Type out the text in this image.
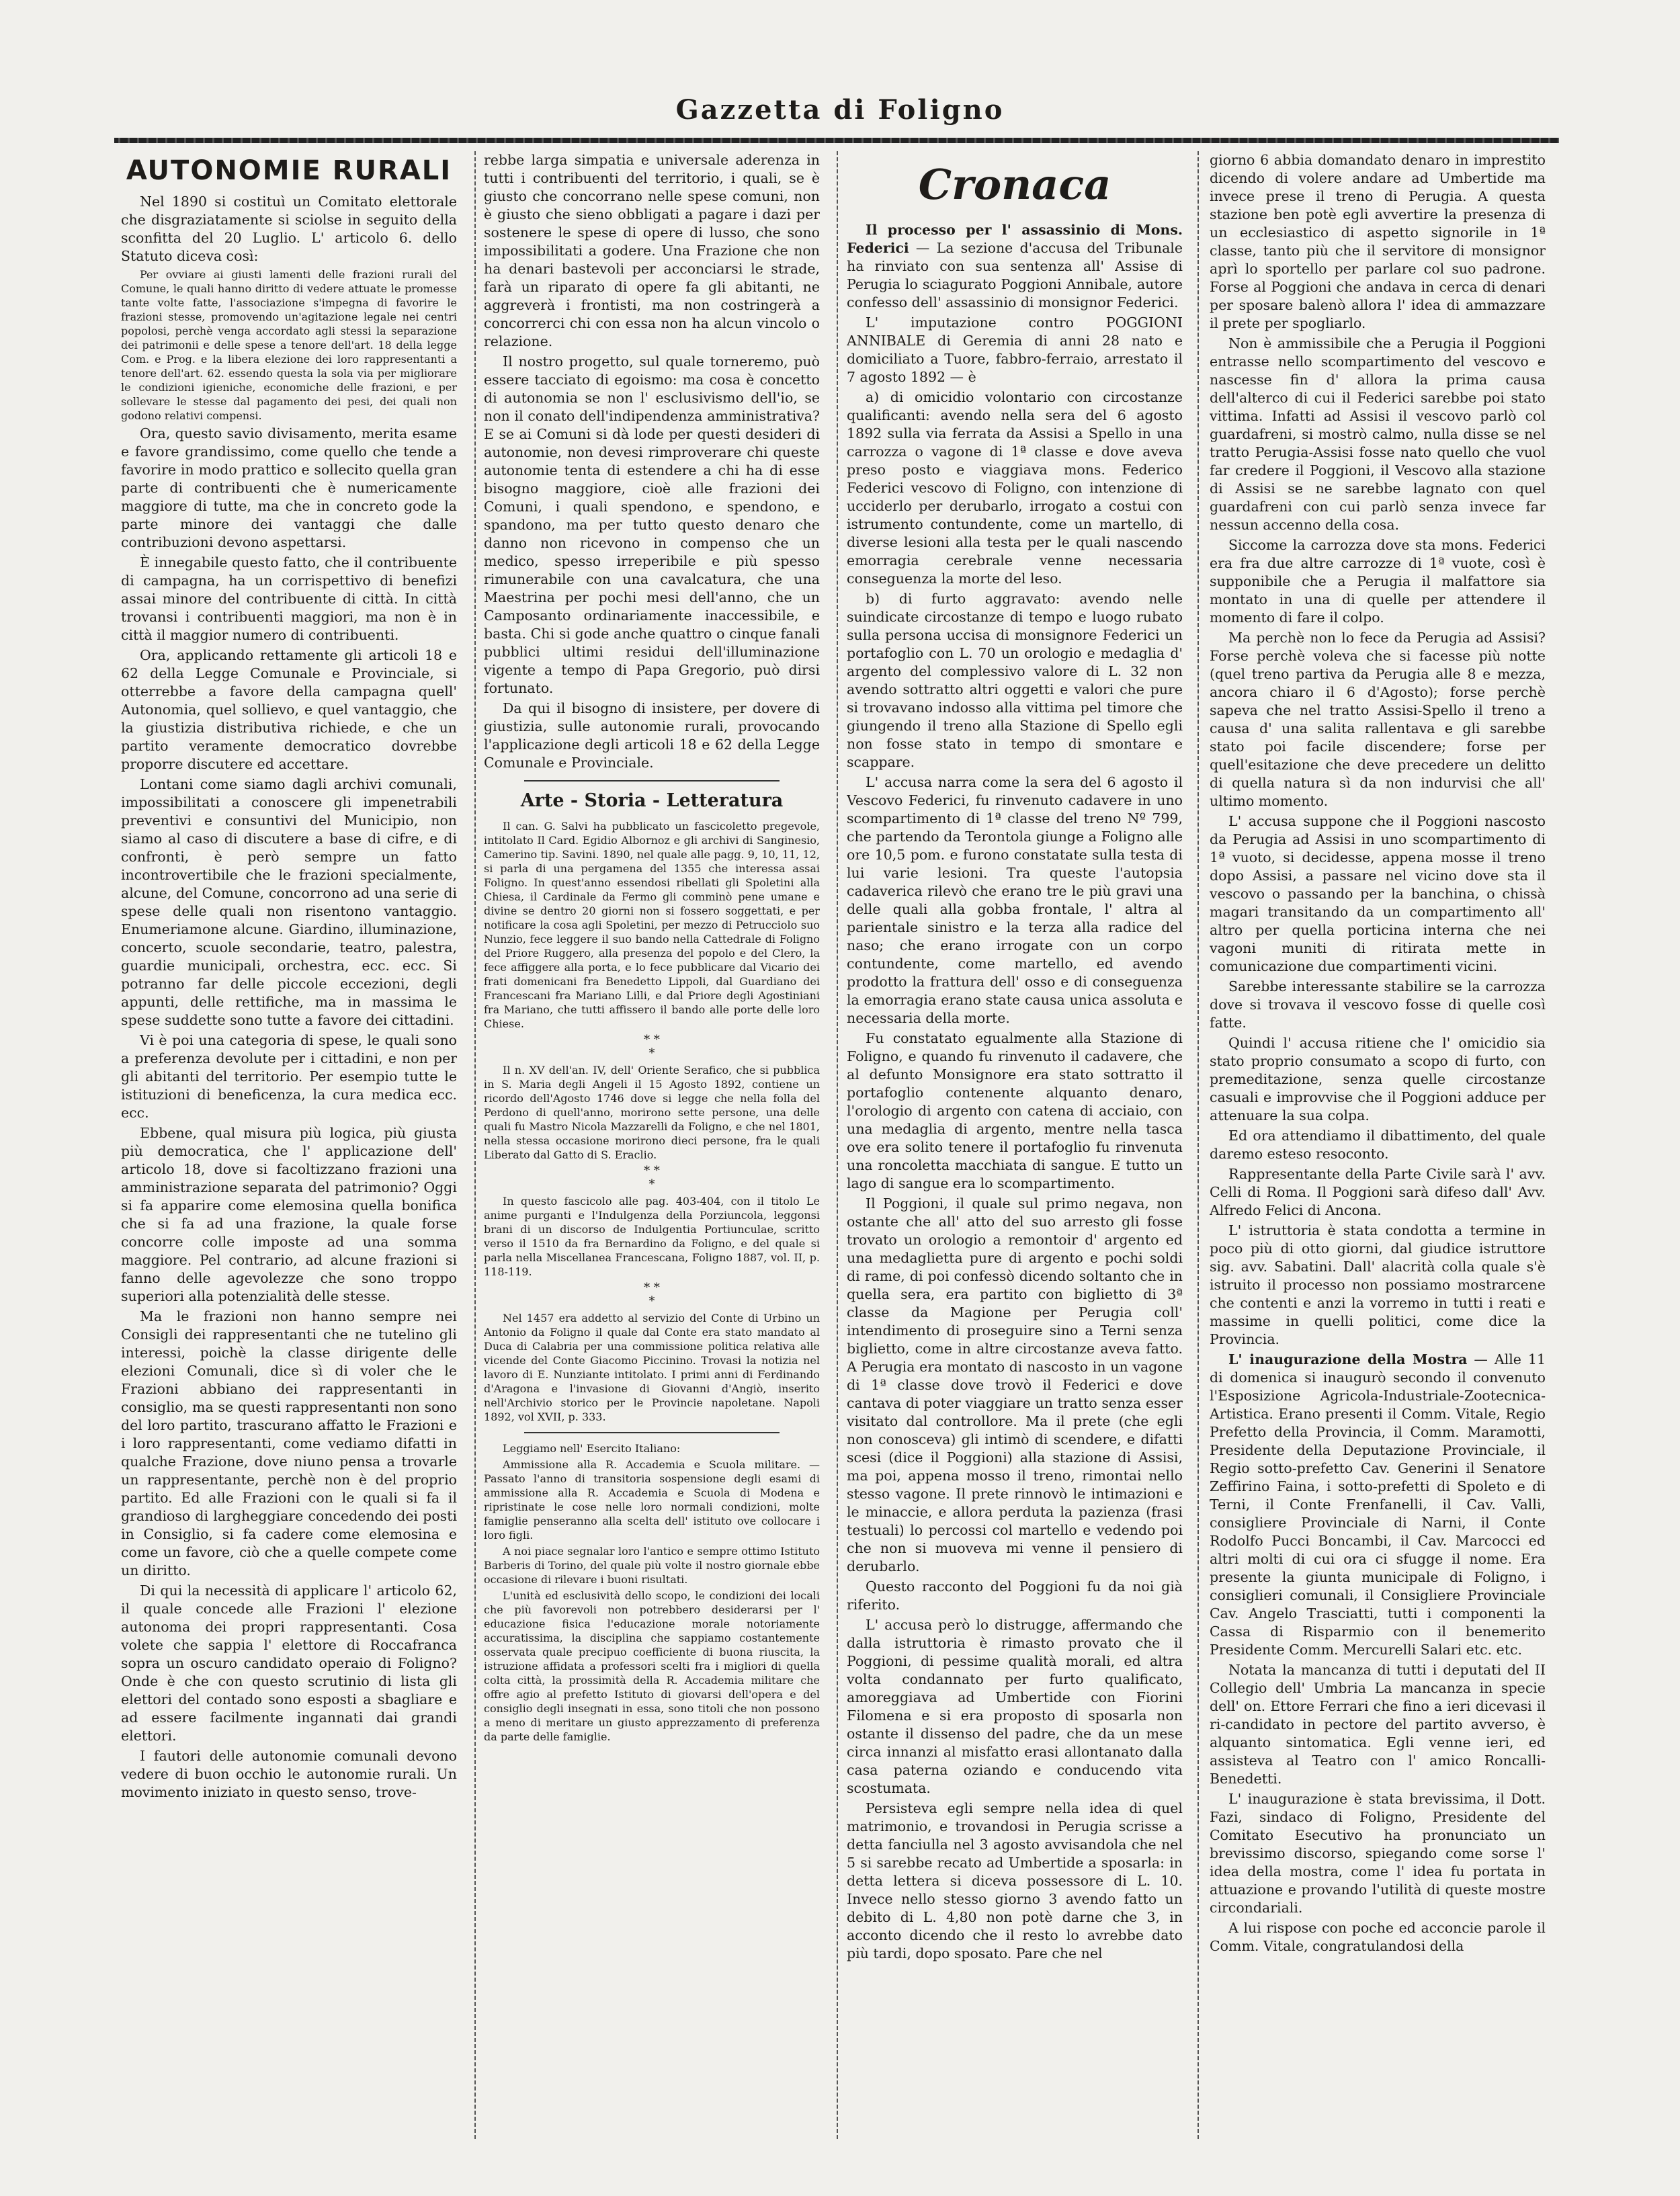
Gazzetta di Foligno
AUTONOMIE RURALI

Nel 1890 si costituì un Comitato elettorale che disgraziatamente si sciolse in seguito della sconfitta del 20 Luglio. L' articolo 6. dello Statuto diceva così:

Per ovviare ai giusti lamenti delle frazioni rurali del Comune, le quali hanno diritto di vedere attuate le promesse tante volte fatte, l'associazione s'impegna di favorire le frazioni stesse, promovendo un'agitazione legale nei centri popolosi, perchè venga accordato agli stessi la separazione dei patrimonii e delle spese a tenore dell'art. 18 della legge Com. e Prog. e la libera elezione dei loro rappresentanti a tenore dell'art. 62. essendo questa la sola via per migliorare le condizioni igieniche, economiche delle frazioni, e per sollevare le stesse dal pagamento dei pesi, dei quali non godono relativi compensi.

Ora, questo savio divisamento, merita esame e favore grandissimo, come quello che tende a favorire in modo prattico e sollecito quella gran parte di contribuenti che è numericamente maggiore di tutte, ma che in concreto gode la parte minore dei vantaggi che dalle contribuzioni devono aspettarsi.

È innegabile questo fatto, che il contribuente di campagna, ha un corrispettivo di benefizi assai minore del contribuente di città. In città trovansi i contribuenti maggiori, ma non è in città il maggior numero di contribuenti.

Ora, applicando rettamente gli articoli 18 e 62 della Legge Comunale e Provinciale, si otterrebbe a favore della campagna quell' Autonomia, quel sollievo, e quel vantaggio, che la giustizia distributiva richiede, e che un partito veramente democratico dovrebbe proporre discutere ed accettare.

Lontani come siamo dagli archivi comunali, impossibilitati a conoscere gli impenetrabili preventivi e consuntivi del Municipio, non siamo al caso di discutere a base di cifre, e di confronti, è però sempre un fatto incontrovertibile che le frazioni specialmente, alcune, del Comune, concorrono ad una serie di spese delle quali non risentono vantaggio. Enumeriamone alcune. Giardino, illuminazione, concerto, scuole secondarie, teatro, palestra, guardie municipali, orchestra, ecc. ecc. Si potranno far delle piccole eccezioni, degli appunti, delle rettifiche, ma in massima le spese suddette sono tutte a favore dei cittadini.

Vi è poi una categoria di spese, le quali sono a preferenza devolute per i cittadini, e non per gli abitanti del territorio. Per esempio tutte le istituzioni di beneficenza, la cura medica ecc. ecc.

Ebbene, qual misura più logica, più giusta più democratica, che l' applicazione dell' articolo 18, dove si facoltizzano frazioni una amministrazione separata del patrimonio? Oggi si fa apparire come elemosina quella bonifica che si fa ad una frazione, la quale forse concorre colle imposte ad una somma maggiore. Pel contrario, ad alcune frazioni si fanno delle agevolezze che sono troppo superiori alla potenzialità delle stesse.

Ma le frazioni non hanno sempre nei Consigli dei rappresentanti che ne tutelino gli interessi, poichè la classe dirigente delle elezioni Comunali, dice sì di voler che le Frazioni abbiano dei rappresentanti in consiglio, ma se questi rappresentanti non sono del loro partito, trascurano affatto le Frazioni e i loro rappresentanti, come vediamo difatti in qualche Frazione, dove niuno pensa a trovarle un rappresentante, perchè non è del proprio partito. Ed alle Frazioni con le quali si fa il grandioso di largheggiare concedendo dei posti in Consiglio, si fa cadere come elemosina e come un favore, ciò che a quelle compete come un diritto.

Di qui la necessità di applicare l' articolo 62, il quale concede alle Frazioni l' elezione autonoma dei propri rappresentanti. Cosa volete che sappia l' elettore di Roccafranca sopra un oscuro candidato operaio di Foligno? Onde è che con questo scrutinio di lista gli elettori del contado sono esposti a sbagliare e ad essere facilmente ingannati dai grandi elettori.

I fautori delle autonomie comunali devono vedere di buon occhio le autonomie rurali. Un movimento iniziato in questo senso, trove-

rebbe larga simpatia e universale aderenza in tutti i contribuenti del territorio, i quali, se è giusto che concorrano nelle spese comuni, non è giusto che sieno obbligati a pagare i dazi per sostenere le spese di opere di lusso, che sono impossibilitati a godere. Una Frazione che non ha denari bastevoli per acconciarsi le strade, farà un riparato di opere fa gli abitanti, ne aggreverà i frontisti, ma non costringerà a concorrerci chi con essa non ha alcun vincolo o relazione.

Il nostro progetto, sul quale torneremo, può essere tacciato di egoismo: ma cosa è concetto di autonomia se non l' esclusivismo dell'io, se non il conato dell'indipendenza amministrativa? E se ai Comuni si dà lode per questi desideri di autonomie, non devesi rimproverare chi queste autonomie tenta di estendere a chi ha di esse bisogno maggiore, cioè alle frazioni dei Comuni, i quali spendono, e spendono, e spandono, ma per tutto questo denaro che danno non ricevono in compenso che un medico, spesso irreperibile e più spesso rimunerabile con una cavalcatura, che una Maestrina per pochi mesi dell'anno, che un Camposanto ordinariamente inaccessibile, e basta. Chi si gode anche quattro o cinque fanali pubblici ultimi residui dell'illuminazione vigente a tempo di Papa Gregorio, può dirsi fortunato.

Da qui il bisogno di insistere, per dovere di giustizia, sulle autonomie rurali, provocando l'applicazione degli articoli 18 e 62 della Legge Comunale e Provinciale.

Arte - Storia - Letteratura

Il can. G. Salvi ha pubblicato un fascicoletto pregevole, intitolato Il Card. Egidio Albornoz e gli archivi di Sanginesio, Camerino tip. Savini. 1890, nel quale alle pagg. 9, 10, 11, 12, si parla di una pergamena del 1355 che interessa assai Foligno. In quest'anno essendosi ribellati gli Spoletini alla Chiesa, il Cardinale da Fermo gli comminò pene umane e divine se dentro 20 giorni non si fossero soggettati, e per notificare la cosa agli Spoletini, per mezzo di Petrucciolo suo Nunzio, fece leggere il suo bando nella Cattedrale di Foligno del Priore Ruggero, alla presenza del popolo e del Clero, la fece affiggere alla porta, e lo fece pubblicare dal Vicario dei frati domenicani fra Benedetto Lippoli, dal Guardiano dei Francescani fra Mariano Lilli, e dal Priore degli Agostiniani fra Mariano, che tutti affissero il bando alle porte delle loro Chiese.

* *
*

Il n. XV dell'an. IV, dell' Oriente Serafico, che si pubblica in S. Maria degli Angeli il 15 Agosto 1892, contiene un ricordo dell'Agosto 1746 dove si legge che nella folla del Perdono di quell'anno, morirono sette persone, una delle quali fu Mastro Nicola Mazzarelli da Foligno, e che nel 1801, nella stessa occasione morirono dieci persone, fra le quali Liberato dal Gatto di S. Eraclio.

* *
*

In questo fascicolo alle pag. 403-404, con il titolo Le anime purganti e l'Indulgenza della Porziuncola, leggonsi brani di un discorso de Indulgentia Portiunculae, scritto verso il 1510 da fra Bernardino da Foligno, e del quale si parla nella Miscellanea Francescana, Foligno 1887, vol. II, p. 118-119.

* *
*

Nel 1457 era addetto al servizio del Conte di Urbino un Antonio da Foligno il quale dal Conte era stato mandato al Duca di Calabria per una commissione politica relativa alle vicende del Conte Giacomo Piccinino. Trovasi la notizia nel lavoro di E. Nunziante intitolato. I primi anni di Ferdinando d'Aragona e l'invasione di Giovanni d'Angiò, inserito nell'Archivio storico per le Provincie napoletane. Napoli 1892, vol XVII, p. 333.

Leggiamo nell' Esercito Italiano:

Ammissione alla R. Accademia e Scuola militare. — Passato l'anno di transitoria sospensione degli esami di ammissione alla R. Accademia e Scuola di Modena e ripristinate le cose nelle loro normali condizioni, molte famiglie penseranno alla scelta dell' istituto ove collocare i loro figli.

A noi piace segnalar loro l'antico e sempre ottimo Istituto Barberis di Torino, del quale più volte il nostro giornale ebbe occasione di rilevare i buoni risultati.

L'unità ed esclusività dello scopo, le condizioni dei locali che più favorevoli non potrebbero desiderarsi per l' educazione fisica l'educazione morale notoriamente accuratissima, la disciplina che sappiamo costantemente osservata quale precipuo coefficiente di buona riuscita, la istruzione affidata a professori scelti fra i migliori di quella colta città, la prossimità della R. Accademia militare che offre agio al prefetto Istituto di giovarsi dell'opera e del consiglio degli insegnati in essa, sono titoli che non possono a meno di meritare un giusto apprezzamento di preferenza da parte delle famiglie.

Cronaca

Il processo per l' assassinio di Mons. Federici — La sezione d'accusa del Tribunale ha rinviato con sua sentenza all' Assise di Perugia lo sciagurato Poggioni Annibale, autore confesso dell' assassinio di monsignor Federici.

L' imputazione contro POGGIONI ANNIBALE di Geremia di anni 28 nato e domiciliato a Tuore, fabbro-ferraio, arrestato il 7 agosto 1892 — è

a) di omicidio volontario con circostanze qualificanti: avendo nella sera del 6 agosto 1892 sulla via ferrata da Assisi a Spello in una carrozza o vagone di 1ª classe e dove aveva preso posto e viaggiava mons. Federico Federici vescovo di Foligno, con intenzione di ucciderlo per derubarlo, irrogato a costui con istrumento contundente, come un martello, di diverse lesioni alla testa per le quali nascendo emorragia cerebrale venne necessaria conseguenza la morte del leso.

b) di furto aggravato: avendo nelle suindicate circostanze di tempo e luogo rubato sulla persona uccisa di monsignore Federici un portafoglio con L. 70 un orologio e medaglia d' argento del complessivo valore di L. 32 non avendo sottratto altri oggetti e valori che pure si trovavano indosso alla vittima pel timore che giungendo il treno alla Stazione di Spello egli non fosse stato in tempo di smontare e scappare.

L' accusa narra come la sera del 6 agosto il Vescovo Federici, fu rinvenuto cadavere in uno scompartimento di 1ª classe del treno Nº 799, che partendo da Terontola giunge a Foligno alle ore 10,5 pom. e furono constatate sulla testa di lui varie lesioni. Tra queste l'autopsia cadaverica rilevò che erano tre le più gravi una delle quali alla gobba frontale, l' altra al parientale sinistro e la terza alla radice del naso; che erano irrogate con un corpo contundente, come martello, ed avendo prodotto la frattura dell' osso e di conseguenza la emorragia erano state causa unica assoluta e necessaria della morte.

Fu constatato egualmente alla Stazione di Foligno, e quando fu rinvenuto il cadavere, che al defunto Monsignore era stato sottratto il portafoglio contenente alquanto denaro, l'orologio di argento con catena di acciaio, con una medaglia di argento, mentre nella tasca ove era solito tenere il portafoglio fu rinvenuta una roncoletta macchiata di sangue. E tutto un lago di sangue era lo scompartimento.

Il Poggioni, il quale sul primo negava, non ostante che all' atto del suo arresto gli fosse trovato un orologio a remontoir d' argento ed una medaglietta pure di argento e pochi soldi di rame, di poi confessò dicendo soltanto che in quella sera, era partito con biglietto di 3ª classe da Magione per Perugia coll' intendimento di proseguire sino a Terni senza biglietto, come in altre circostanze aveva fatto. A Perugia era montato di nascosto in un vagone di 1ª classe dove trovò il Federici e dove cantava di poter viaggiare un tratto senza esser visitato dal controllore. Ma il prete (che egli non conosceva) gli intimò di scendere, e difatti scesi (dice il Poggioni) alla stazione di Assisi, ma poi, appena mosso il treno, rimontai nello stesso vagone. Il prete rinnovò le intimazioni e le minaccie, e allora perduta la pazienza (frasi testuali) lo percossi col martello e vedendo poi che non si muoveva mi venne il pensiero di derubarlo.

Questo racconto del Poggioni fu da noi già riferito.

L' accusa però lo distrugge, affermando che dalla istruttoria è rimasto provato che il Poggioni, di pessime qualità morali, ed altra volta condannato per furto qualificato, amoreggiava ad Umbertide con Fiorini Filomena e si era proposto di sposarla non ostante il dissenso del padre, che da un mese circa innanzi al misfatto erasi allontanato dalla casa paterna oziando e conducendo vita scostumata.

Persisteva egli sempre nella idea di quel matrimonio, e trovandosi in Perugia scrisse a detta fanciulla nel 3 agosto avvisandola che nel 5 si sarebbe recato ad Umbertide a sposarla: in detta lettera si diceva possessore di L. 10. Invece nello stesso giorno 3 avendo fatto un debito di L. 4,80 non potè darne che 3, in acconto dicendo che il resto lo avrebbe dato più tardi, dopo sposato. Pare che nel

giorno 6 abbia domandato denaro in imprestito dicendo di volere andare ad Umbertide ma invece prese il treno di Perugia. A questa stazione ben potè egli avvertire la presenza di un ecclesiastico di aspetto signorile in 1ª classe, tanto più che il servitore di monsignor aprì lo sportello per parlare col suo padrone. Forse al Poggioni che andava in cerca di denari per sposare balenò allora l' idea di ammazzare il prete per spogliarlo.

Non è ammissibile che a Perugia il Poggioni entrasse nello scompartimento del vescovo e nascesse fin d' allora la prima causa dell'alterco di cui il Federici sarebbe poi stato vittima. Infatti ad Assisi il vescovo parlò col guardafreni, si mostrò calmo, nulla disse se nel tratto Perugia-Assisi fosse nato quello che vuol far credere il Poggioni, il Vescovo alla stazione di Assisi se ne sarebbe lagnato con quel guardafreni con cui parlò senza invece far nessun accenno della cosa.

Siccome la carrozza dove sta mons. Federici era fra due altre carrozze di 1ª vuote, così è supponibile che a Perugia il malfattore sia montato in una di quelle per attendere il momento di fare il colpo.

Ma perchè non lo fece da Perugia ad Assisi? Forse perchè voleva che si facesse più notte (quel treno partiva da Perugia alle 8 e mezza, ancora chiaro il 6 d'Agosto); forse perchè sapeva che nel tratto Assisi-Spello il treno a causa d' una salita rallentava e gli sarebbe stato poi facile discendere; forse per quell'esitazione che deve precedere un delitto di quella natura sì da non indurvisi che all' ultimo momento.

L' accusa suppone che il Poggioni nascosto da Perugia ad Assisi in uno scompartimento di 1ª vuoto, si decidesse, appena mosse il treno dopo Assisi, a passare nel vicino dove sta il vescovo o passando per la banchina, o chissà magari transitando da un compartimento all' altro per quella porticina interna che nei vagoni muniti di ritirata mette in comunicazione due compartimenti vicini.

Sarebbe interessante stabilire se la carrozza dove si trovava il vescovo fosse di quelle così fatte.

Quindi l' accusa ritiene che l' omicidio sia stato proprio consumato a scopo di furto, con premeditazione, senza quelle circostanze casuali e improvvise che il Poggioni adduce per attenuare la sua colpa.

Ed ora attendiamo il dibattimento, del quale daremo esteso resoconto.

Rappresentante della Parte Civile sarà l' avv. Celli di Roma. Il Poggioni sarà difeso dall' Avv. Alfredo Felici di Ancona.

L' istruttoria è stata condotta a termine in poco più di otto giorni, dal giudice istruttore sig. avv. Sabatini. Dall' alacrità colla quale s'è istruito il processo non possiamo mostrarcene che contenti e anzi la vorremo in tutti i reati e massime in quelli politici, come dice la Provincia.

L' inaugurazione della Mostra — Alle 11 di domenica si inaugurò secondo il convenuto l'Esposizione Agricola-Industriale-Zootecnica-Artistica. Erano presenti il Comm. Vitale, Regio Prefetto della Provincia, il Comm. Maramotti, Presidente della Deputazione Provinciale, il Regio sotto-prefetto Cav. Generini il Senatore Zeffirino Faina, i sotto-prefetti di Spoleto e di Terni, il Conte Frenfanelli, il Cav. Valli, consigliere Provinciale di Narni, il Conte Rodolfo Pucci Boncambi, il Cav. Marcocci ed altri molti di cui ora ci sfugge il nome. Era presente la giunta municipale di Foligno, i consiglieri comunali, il Consigliere Provinciale Cav. Angelo Trasciatti, tutti i componenti la Cassa di Risparmio con il benemerito Presidente Comm. Mercurelli Salari etc. etc.

Notata la mancanza di tutti i deputati del II Collegio dell' Umbria La mancanza in specie dell' on. Ettore Ferrari che fino a ieri dicevasi il ri-candidato in pectore del partito avverso, è alquanto sintomatica. Egli venne ieri, ed assisteva al Teatro con l' amico Roncalli-Benedetti.

L' inaugurazione è stata brevissima, il Dott. Fazi, sindaco di Foligno, Presidente del Comitato Esecutivo ha pronunciato un brevissimo discorso, spiegando come sorse l' idea della mostra, come l' idea fu portata in attuazione e provando l'utilità di queste mostre circondariali.

A lui rispose con poche ed acconcie parole il Comm. Vitale, congratulandosi della
